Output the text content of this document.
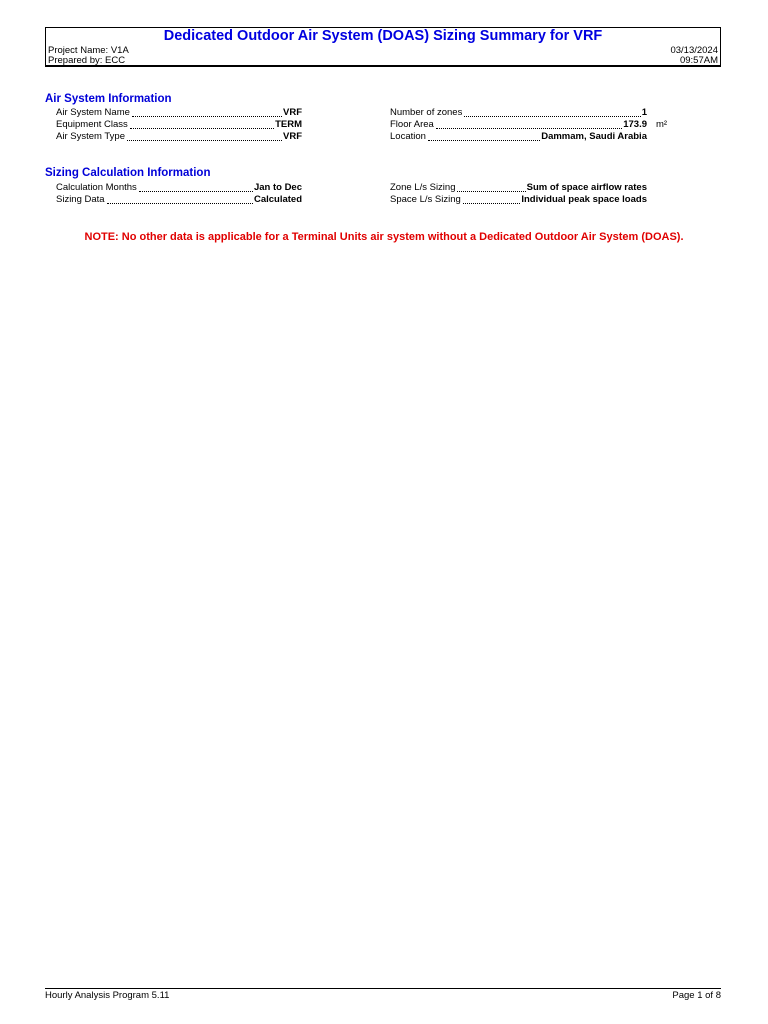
Dedicated Outdoor Air System (DOAS) Sizing Summary for VRF
Project Name: V1A
Prepared by: ECC
03/13/2024
09:57AM
Air System Information
Air System Name	VRF
Equipment Class	TERM
Air System Type	VRF
Number of zones	1
Floor Area	173.9 m²
Location	Dammam, Saudi Arabia
Sizing Calculation Information
Calculation Months	Jan to Dec
Sizing Data	Calculated
Zone L/s Sizing	Sum of space airflow rates
Space L/s Sizing	Individual peak space loads
NOTE: No other data is applicable for a Terminal Units air system without a Dedicated Outdoor Air System (DOAS).
Hourly Analysis Program 5.11	Page 1 of 8
